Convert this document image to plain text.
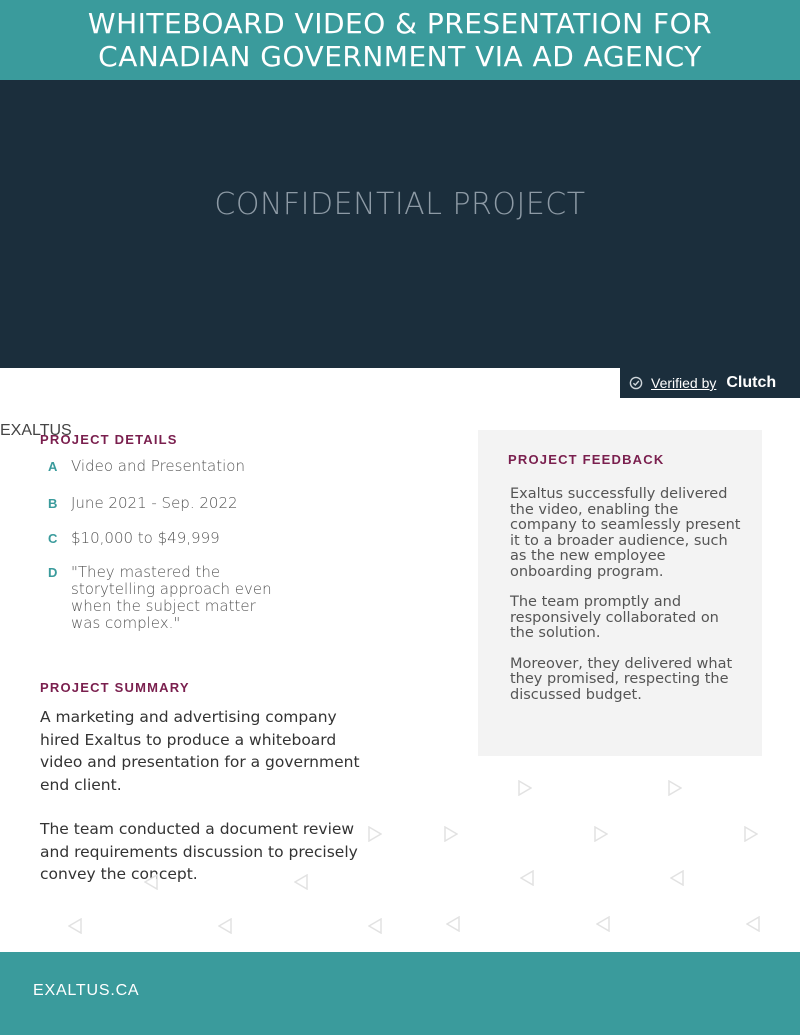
WHITEBOARD VIDEO & PRESENTATION FOR
CANADIAN GOVERNMENT VIA AD AGENCY
CONFIDENTIAL PROJECT
Verified by Clutch
PROJECT DETAILS
A Video and Presentation
B June 2021 - Sep. 2022
C $10,000 to $49,999
D "They mastered the storytelling approach even when the subject matter was complex."
PROJECT SUMMARY

A marketing and advertising company hired Exaltus to produce a whiteboard video and presentation for a government end client.

The team conducted a document review and requirements discussion to precisely convey the concept.

PROJECT FEEDBACK

Exaltus successfully delivered the video, enabling the company to seamlessly present it to a broader audience, such as the new employee onboarding program.

The team promptly and responsively collaborated on the solution.

Moreover, they delivered what they promised, respecting the discussed budget.

EXALTUS.CA
EXALTUS
